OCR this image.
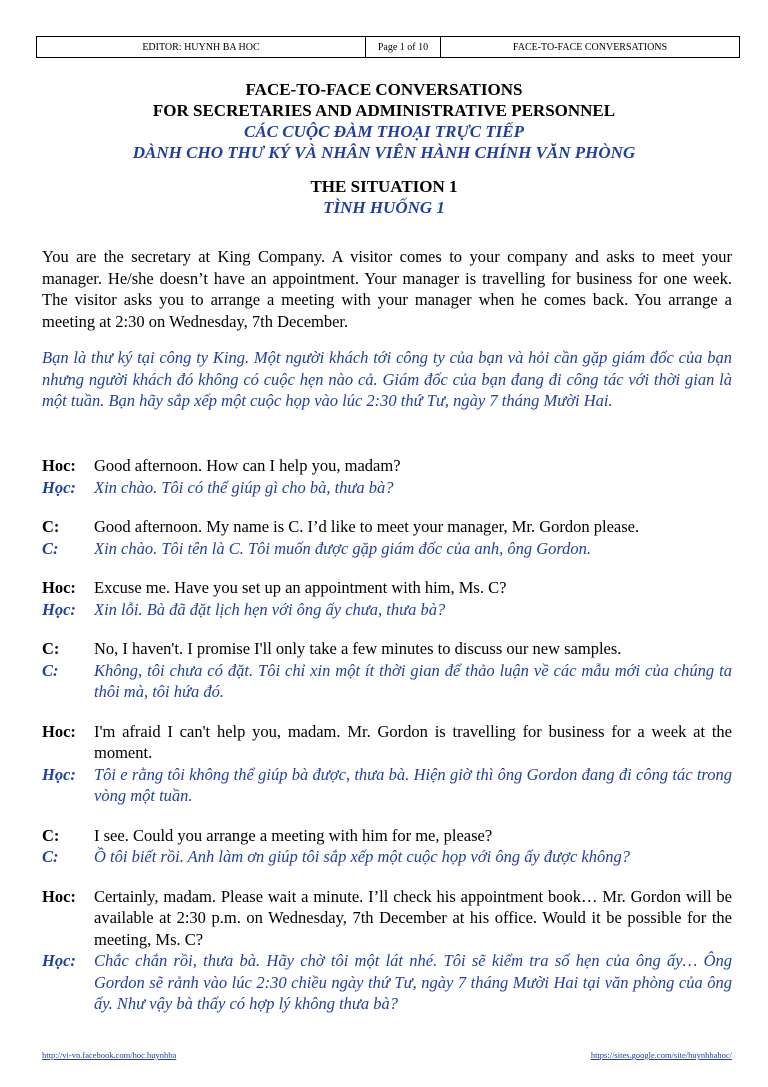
EDITOR: HUYNH BA HOC	Page 1 of 10	FACE-TO-FACE CONVERSATIONS
FACE-TO-FACE CONVERSATIONS
FOR SECRETARIES AND ADMINISTRATIVE PERSONNEL
CÁC CUỘC ĐÀM THOẠI TRỰC TIẾP
DÀNH CHO THƯ KÝ VÀ NHÂN VIÊN HÀNH CHÍNH VĂN PHÒNG
THE SITUATION 1
TÌNH HUỐNG 1
You are the secretary at King Company. A visitor comes to your company and asks to meet your manager. He/she doesn’t have an appointment. Your manager is travelling for business for one week. The visitor asks you to arrange a meeting with your manager when he comes back. You arrange a meeting at 2:30 on Wednesday, 7th December.
Bạn là thư ký tại công ty King. Một người khách tới công ty của bạn và hỏi cần gặp giám đốc của bạn nhưng người khách đó không có cuộc hẹn nào cả. Giám đốc của bạn đang đi công tác với thời gian là một tuần. Bạn hãy sắp xếp một cuộc họp vào lúc 2:30 thứ Tư, ngày 7 tháng Mười Hai.
Hoc:	Good afternoon. How can I help you, madam?
Học:	Xin chào. Tôi có thể giúp gì cho bà, thưa bà?
C:	Good afternoon. My name is C. I’d like to meet your manager, Mr. Gordon please.
C:	Xin chào. Tôi tên là C. Tôi muốn được gặp giám đốc của anh, ông Gordon.
Hoc:	Excuse me. Have you set up an appointment with him, Ms. C?
Học:	Xin lỗi. Bà đã đặt lịch hẹn với ông ấy chưa, thưa bà?
C:	No, I haven't. I promise I'll only take a few minutes to discuss our new samples.
C:	Không, tôi chưa có đặt. Tôi chỉ xin một ít thời gian để thảo luận về các mẫu mới của chúng ta thôi mà, tôi hứa đó.
Hoc:	I'm afraid I can't help you, madam. Mr. Gordon is travelling for business for a week at the moment.
Học:	Tôi e rằng tôi không thể giúp bà được, thưa bà. Hiện giờ thì ông Gordon đang đi công tác trong vòng một tuần.
C:	I see. Could you arrange a meeting with him for me, please?
C:	Ồ tôi biết rồi. Anh làm ơn giúp tôi sắp xếp một cuộc họp với ông ấy được không?
Hoc:	Certainly, madam. Please wait a minute. I’ll check his appointment book… Mr. Gordon will be available at 2:30 p.m. on Wednesday, 7th December at his office. Would it be possible for the meeting, Ms. C?
Học:	Chắc chắn rồi, thưa bà. Hãy chờ tôi một lát nhé. Tôi sẽ kiểm tra sổ hẹn của ông ấy… Ông Gordon sẽ rảnh vào lúc 2:30 chiều ngày thứ Tư, ngày 7 tháng Mười Hai tại văn phòng của ông ấy. Như vậy bà thấy có hợp lý không thưa bà?
http://vi-vn.facebook.com/hoc.huynhba	https://sites.google.com/site/huynhbahoc/
